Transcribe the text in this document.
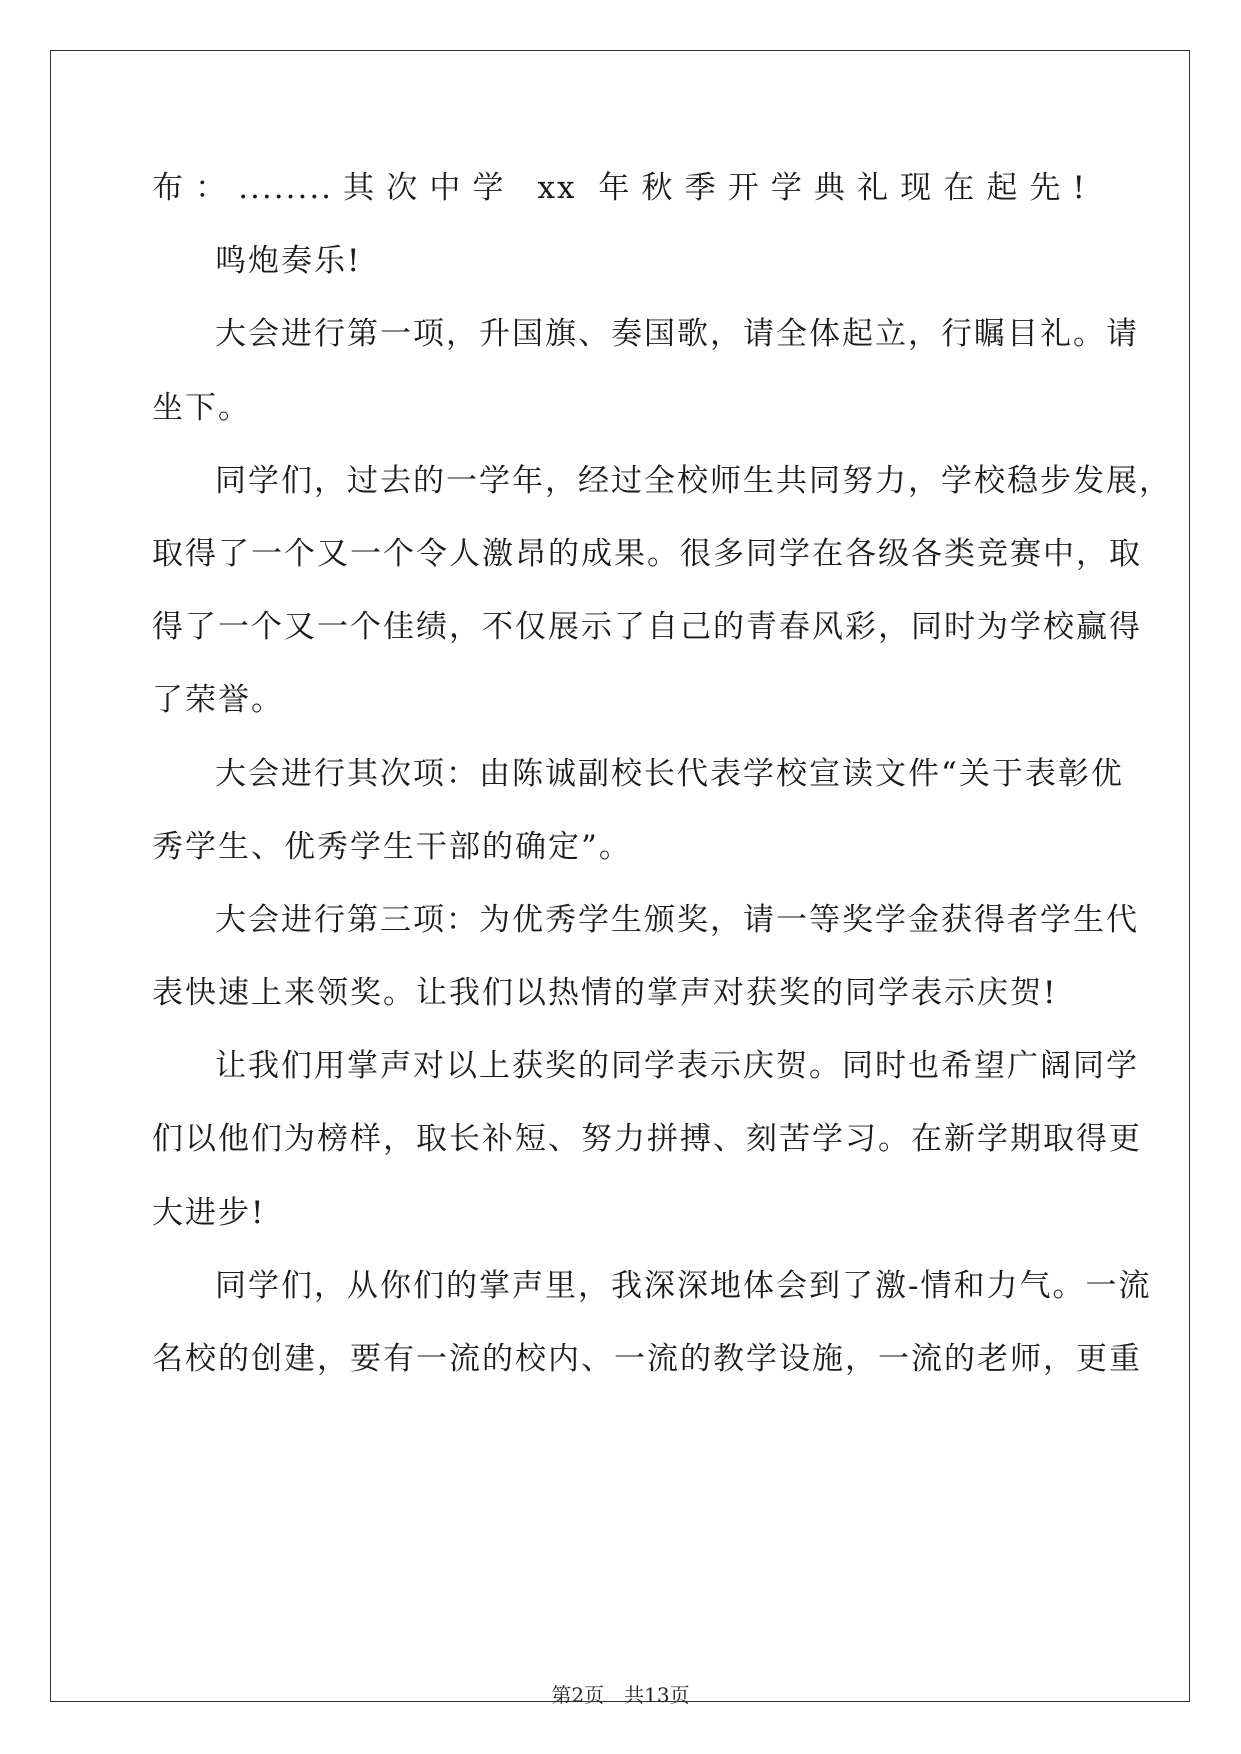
布：........其次中学 xx 年秋季开学典礼现在起先!
鸣炮奏乐!
大会进行第一项，升国旗、奏国歌，请全体起立，行瞩目礼。请
坐下。
同学们，过去的一学年，经过全校师生共同努力，学校稳步发展，
取得了一个又一个令人激昂的成果。很多同学在各级各类竞赛中，取
得了一个又一个佳绩，不仅展示了自己的青春风彩，同时为学校赢得
了荣誉。
大会进行其次项：由陈诚副校长代表学校宣读文件“关于表彰优
秀学生、优秀学生干部的确定”。
大会进行第三项：为优秀学生颁奖，请一等奖学金获得者学生代
表快速上来领奖。让我们以热情的掌声对获奖的同学表示庆贺!
让我们用掌声对以上获奖的同学表示庆贺。同时也希望广阔同学
们以他们为榜样，取长补短、努力拼搏、刻苦学习。在新学期取得更
大进步!
同学们，从你们的掌声里，我深深地体会到了激-情和力气。一流
名校的创建，要有一流的校内、一流的教学设施，一流的老师，更重
第2页 共13页
